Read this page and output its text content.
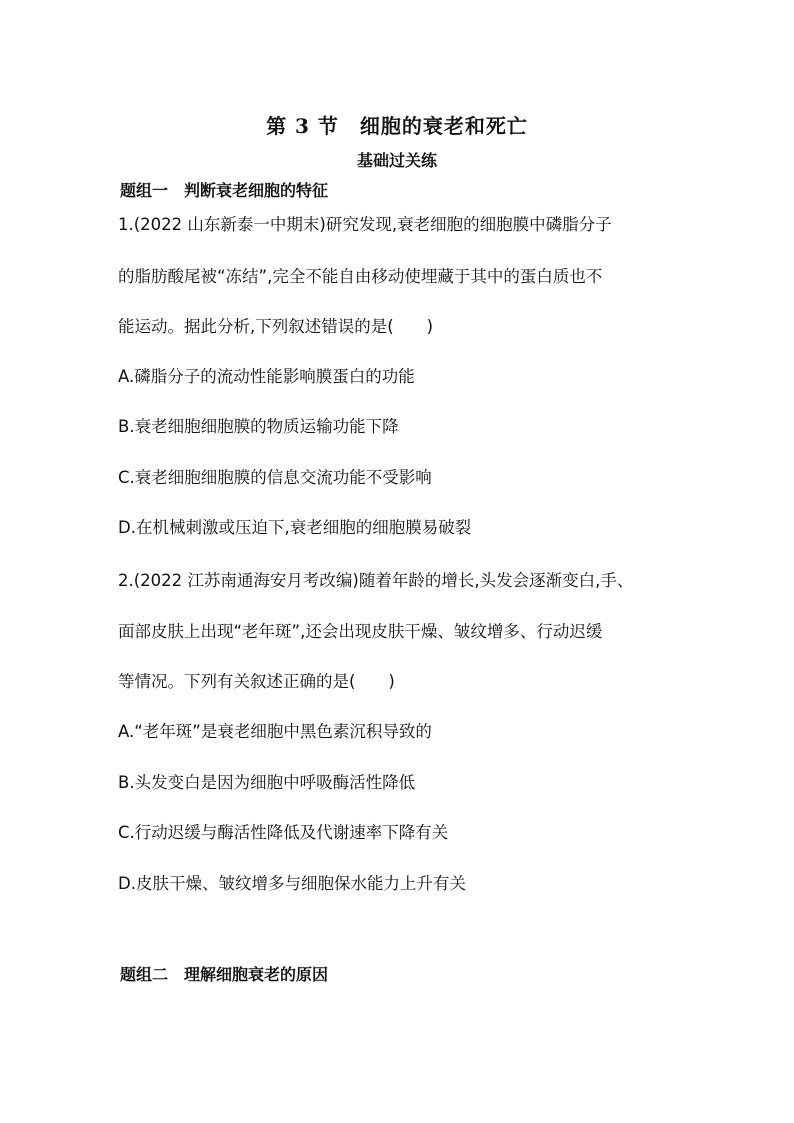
第 3 节　细胞的衰老和死亡
基础过关练
题组一　判断衰老细胞的特征
1.(2022 山东新泰一中期末)研究发现,衰老细胞的细胞膜中磷脂分子
的脂肪酸尾被“冻结”,完全不能自由移动使埋藏于其中的蛋白质也不
能运动。据此分析,下列叙述错误的是(　　)
A.磷脂分子的流动性能影响膜蛋白的功能
B.衰老细胞细胞膜的物质运输功能下降
C.衰老细胞细胞膜的信息交流功能不受影响
D.在机械刺激或压迫下,衰老细胞的细胞膜易破裂
2.(2022 江苏南通海安月考改编)随着年龄的增长,头发会逐渐变白,手、
面部皮肤上出现“老年斑”,还会出现皮肤干燥、皱纹增多、行动迟缓
等情况。下列有关叙述正确的是(　　)
A.“老年斑”是衰老细胞中黑色素沉积导致的
B.头发变白是因为细胞中呼吸酶活性降低
C.行动迟缓与酶活性降低及代谢速率下降有关
D.皮肤干燥、皱纹增多与细胞保水能力上升有关
题组二　理解细胞衰老的原因
